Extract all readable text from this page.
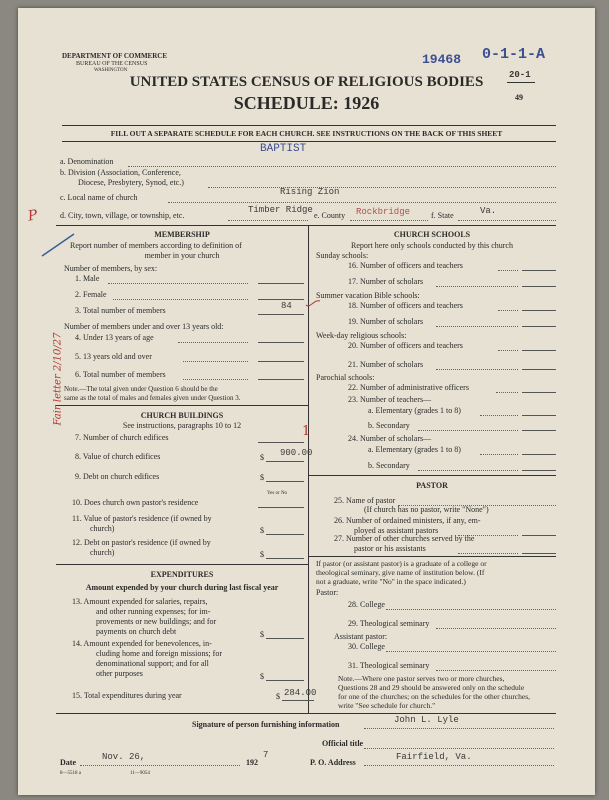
DEPARTMENT OF COMMERCE
BUREAU OF THE CENSUS
WASHINGTON
19468 0-1-1-A
20-1
49
UNITED STATES CENSUS OF RELIGIOUS BODIES
SCHEDULE: 1926
FILL OUT A SEPARATE SCHEDULE FOR EACH CHURCH. SEE INSTRUCTIONS ON THE BACK OF THIS SHEET
BAPTIST
a. Denomination
b. Division (Association, Conference,
Diocese, Presbytery, Synod, etc.)
c. Local name of church
Rising Zion
d. City, town, village, or township, etc.
Timber Ridge
e. County Rockbridge	f. State	Va.
MEMBERSHIP
Report number of members according to definition of
member in your church
Number of members, by sex:
1. Male
2. Female
3. Total number of members	84
Number of members under and over 13 years old:
4. Under 13 years of age
5. 13 years old and over
6. Total number of members
Note.—The total given under Question 6 should be the
same as the total of males and females given under Question 3.
CHURCH BUILDINGS
See instructions, paragraphs 10 to 12
7. Number of church edifices	1
8. Value of church edifices	$ 900.00
9. Debt on church edifices	$
10. Does church own pastor's residence
Yes or No
11. Value of pastor's residence (if owned by
church)	$
12. Debt on pastor's residence (if owned by
church)	$
EXPENDITURES
Amount expended by your church during last fiscal year
13. Amount expended for salaries, repairs,
and other running expenses; for im-
provements or new buildings; and for
payments on church debt	$
14. Amount expended for benevolences, in-
cluding home and foreign missions; for
denominational support; and for all
other purposes	$
15. Total expenditures during year	$ 284.00
CHURCH SCHOOLS
Report here only schools conducted by this church
Sunday schools:
16. Number of officers and teachers
17. Number of scholars
Summer vacation Bible schools:
18. Number of officers and teachers
19. Number of scholars
Week-day religious schools:
20. Number of officers and teachers
21. Number of scholars
Parochial schools:
22. Number of administrative officers
23. Number of teachers—
a. Elementary (grades 1 to 8)
b. Secondary
24. Number of scholars—
a. Elementary (grades 1 to 8)
b. Secondary
PASTOR
25. Name of pastor
(If church has no pastor, write "None")
26. Number of ordained ministers, if any, em-
ployed as assistant pastors
27. Number of other churches served by the
pastor or his assistants
If pastor (or assistant pastor) is a graduate of a college or
theological seminary, give name of institution below. (If
not a graduate, write "No" in the space indicated.)
Pastor:
28. College
29. Theological seminary
Assistant pastor:
30. College
31. Theological seminary
Note.—Where one pastor serves two or more churches,
Questions 28 and 29 should be answered only on the schedule
for one of the churches; on the schedules for the other churches,
write "See schedule for church."
Signature of person furnishing information	John L. Lyle
Official title
Date
Nov. 26,
192
7
P. O. Address
Fairfield, Va.
8—5518 a	11—9054
P
Fair letter 2/10/27
